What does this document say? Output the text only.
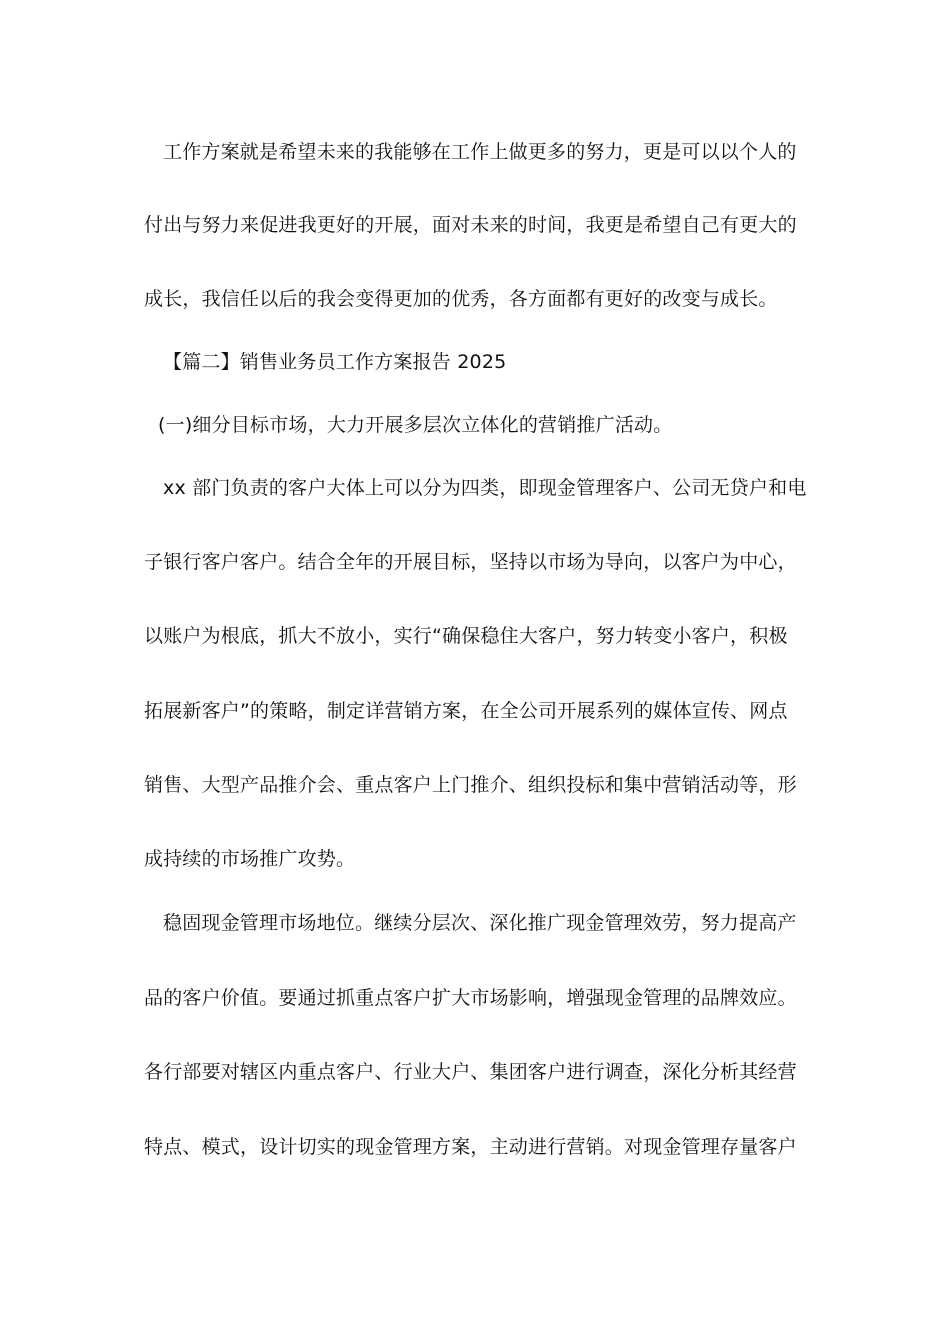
工作方案就是希望未来的我能够在工作上做更多的努力，更是可以以个人的
付出与努力来促进我更好的开展，面对未来的时间，我更是希望自己有更大的
成长，我信任以后的我会变得更加的优秀，各方面都有更好的改变与成长。
【篇二】销售业务员工作方案报告 2025
(一)细分目标市场，大力开展多层次立体化的营销推广活动。
xx 部门负责的客户大体上可以分为四类，即现金管理客户、公司无贷户和电
子银行客户客户。结合全年的开展目标，坚持以市场为导向，以客户为中心，
以账户为根底，抓大不放小，实行“确保稳住大客户，努力转变小客户，积极
拓展新客户”的策略，制定详营销方案，在全公司开展系列的媒体宣传、网点
销售、大型产品推介会、重点客户上门推介、组织投标和集中营销活动等，形
成持续的市场推广攻势。
稳固现金管理市场地位。继续分层次、深化推广现金管理效劳，努力提高产
品的客户价值。要通过抓重点客户扩大市场影响，增强现金管理的品牌效应。
各行部要对辖区内重点客户、行业大户、集团客户进行调查，深化分析其经营
特点、模式，设计切实的现金管理方案，主动进行营销。对现金管理存量客户
